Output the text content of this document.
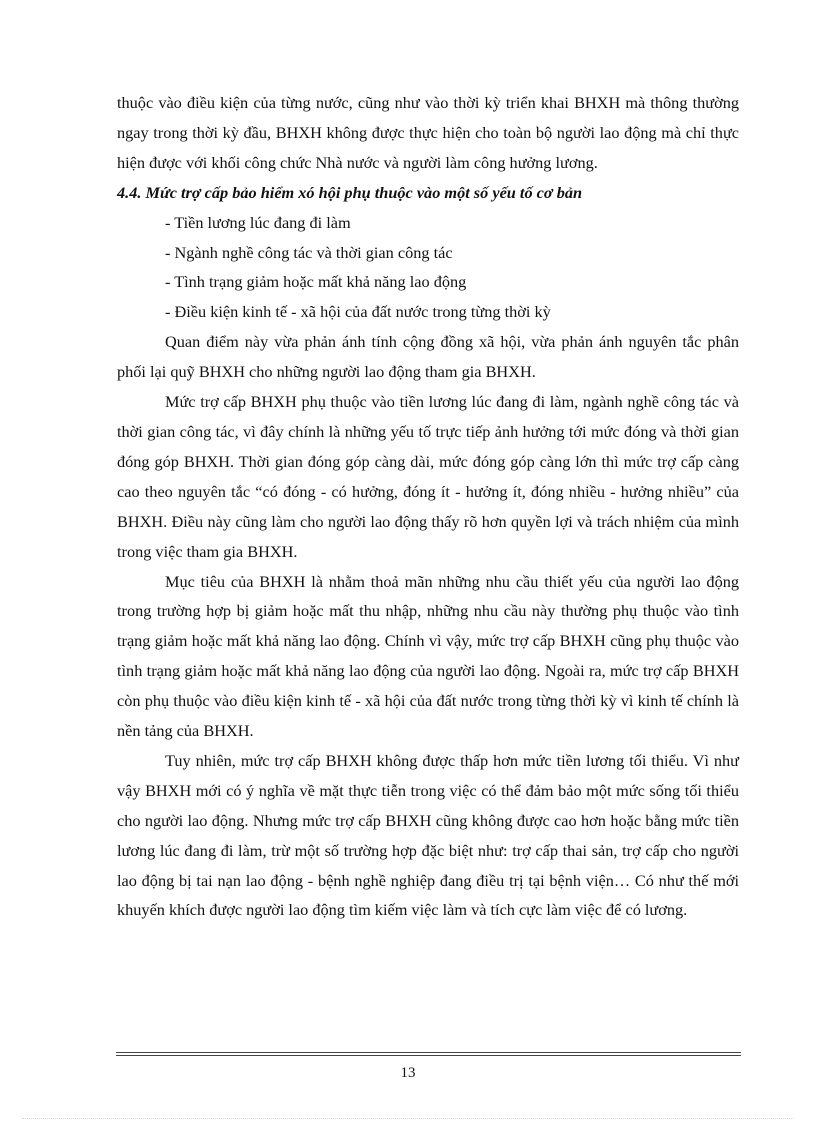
thuộc vào điều kiện của từng nước, cũng như vào thời kỳ triển khai BHXH mà thông thường ngay trong thời kỳ đầu, BHXH không được thực hiện cho toàn bộ người lao động mà chỉ thực hiện được với khối công chức Nhà nước và người làm công hưởng lương.

4.4. Mức trợ cấp bảo hiểm xó hội phụ thuộc vào một số yếu tố cơ bản

- Tiền lương lúc đang đi làm
- Ngành nghề công tác và thời gian công tác
- Tình trạng giảm hoặc mất khả năng lao động
- Điều kiện kinh tế - xã hội của đất nước trong từng thời kỳ

Quan điểm này vừa phản ánh tính cộng đồng xã hội, vừa phản ánh nguyên tắc phân phối lại quỹ BHXH cho những người lao động tham gia BHXH.

Mức trợ cấp BHXH phụ thuộc vào tiền lương lúc đang đi làm, ngành nghề công tác và thời gian công tác, vì đây chính là những yếu tố trực tiếp ảnh hưởng tới mức đóng và thời gian đóng góp BHXH. Thời gian đóng góp càng dài, mức đóng góp càng lớn thì mức trợ cấp càng cao theo nguyên tắc “có đóng - có hưởng, đóng ít - hưởng ít, đóng nhiều - hưởng nhiều” của BHXH. Điều này cũng làm cho người lao động thấy rõ hơn quyền lợi và trách nhiệm của mình trong việc tham gia BHXH.

Mục tiêu của BHXH là nhằm thoả mãn những nhu cầu thiết yếu của người lao động trong trường hợp bị giảm hoặc mất thu nhập, những nhu cầu này thường phụ thuộc vào tình trạng giảm hoặc mất khả năng lao động. Chính vì vậy, mức trợ cấp BHXH cũng phụ thuộc vào tình trạng giảm hoặc mất khả năng lao động của người lao động. Ngoài ra, mức trợ cấp BHXH còn phụ thuộc vào điều kiện kinh tế - xã hội của đất nước trong từng thời kỳ vì kinh tế chính là nền tảng của BHXH.

Tuy nhiên, mức trợ cấp BHXH không được thấp hơn mức tiền lương tối thiểu. Vì như vậy BHXH mới có ý nghĩa về mặt thực tiễn trong việc có thể đảm bảo một mức sống tối thiểu cho người lao động. Nhưng mức trợ cấp BHXH cũng không được cao hơn hoặc bằng mức tiền lương lúc đang đi làm, trừ một số trường hợp đặc biệt như: trợ cấp thai sản, trợ cấp cho người lao động bị tai nạn lao động - bệnh nghề nghiệp đang điều trị tại bệnh viện… Có như thế mới khuyến khích được người lao động tìm kiếm việc làm và tích cực làm việc để có lương.

13
